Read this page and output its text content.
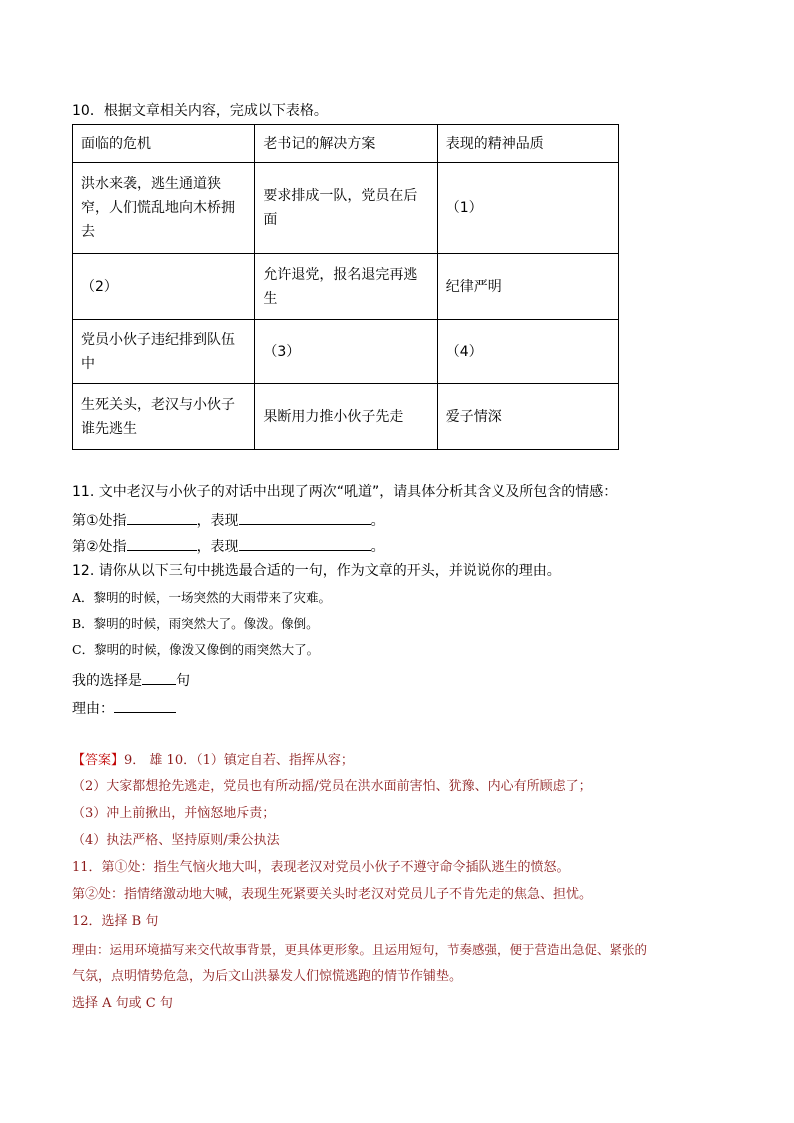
10．根据文章相关内容，完成以下表格。
面临的危机	老书记的解决方案	表现的精神品质
洪水来袭，逃生通道狭窄，人们慌乱地向木桥拥去	要求排成一队，党员在后面	（1）
（2）	允许退党，报名退完再逃生	纪律严明
党员小伙子违纪排到队伍中	（3）	（4）
生死关头，老汉与小伙子谁先逃生	果断用力推小伙子先走	爱子情深
11. 文中老汉与小伙子的对话中出现了两次“吼道”，请具体分析其含义及所包含的情感：
第①处指	，表现	。
第②处指	，表现	。
12. 请你从以下三句中挑选最合适的一句，作为文章的开头，并说说你的理由。
A．黎明的时候，一场突然的大雨带来了灾难。
B．黎明的时候，雨突然大了。像泼。像倒。
C．黎明的时候，像泼又像倒的雨突然大了。
我的选择是 句
理由：
【答案】9． 雄 10．（1）镇定自若、指挥从容；
（2）大家都想抢先逃走，党员也有所动摇/党员在洪水面前害怕、犹豫、内心有所顾虑了；
（3）冲上前揪出，并恼怒地斥责；
（4）执法严格、坚持原则/秉公执法
11．第①处：指生气恼火地大叫，表现老汉对党员小伙子不遵守命令插队逃生的愤怒。
第②处：指情绪激动地大喊，表现生死紧要关头时老汉对党员儿子不肯先走的焦急、担忧。
12．选择 B 句
理由：运用环境描写来交代故事背景，更具体更形象。且运用短句，节奏感强，便于营造出急促、紧张的
气氛，点明情势危急，为后文山洪暴发人们惊慌逃跑的情节作铺垫。
选择 A 句或 C 句
